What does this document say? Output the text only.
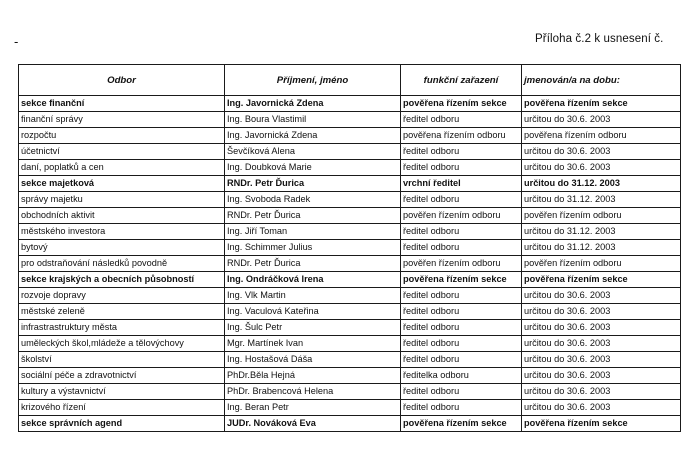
-	Příloha č.2 k usnesení č.
Odbor	Příjmení, jméno	funkční zařazení	jmenován/a na dobu:
sekce finanční	Ing. Javornická Zdena	pověřena řízením sekce	pověřena řízením sekce
finanční správy	Ing. Boura Vlastimil	ředitel odboru	určitou do 30.6. 2003
rozpočtu	Ing. Javornická Zdena	pověřena řízením odboru	pověřena řízením odboru
účetnictví	Ševčíková Alena	ředitel odboru	určitou do 30.6. 2003
daní, poplatků a cen	Ing. Doubková Marie	ředitel odboru	určitou do 30.6. 2003
sekce majetková	RNDr. Petr Ďurica	vrchní ředitel	určitou do 31.12. 2003
správy majetku	Ing. Svoboda Radek	ředitel odboru	určitou do 31.12. 2003
obchodních aktivit	RNDr. Petr Ďurica	pověřen řízením odboru	pověřen řízením odboru
městského investora	Ing. Jiří Toman	ředitel odboru	určitou do 31.12. 2003
bytový	Ing. Schimmer Julius	ředitel odboru	určitou do 31.12. 2003
pro odstraňování následků povodně	RNDr. Petr Ďurica	pověřen řízením odboru	pověřen řízením odboru
sekce krajských a obecních působností	Ing. Ondráčková Irena	pověřena řízením sekce	pověřena řízením sekce
rozvoje dopravy	Ing. Vlk Martin	ředitel odboru	určitou do 30.6. 2003
městské zeleně	Ing. Vaculová Kateřina	ředitel odboru	určitou do 30.6. 2003
infrastrastruktury města	Ing. Šulc Petr	ředitel odboru	určitou do 30.6. 2003
uměleckých škol,mládeže a tělovýchovy	Mgr. Martínek Ivan	ředitel odboru	určitou do 30.6. 2003
školství	Ing. Hostašová Dáša	ředitel odboru	určitou do 30.6. 2003
sociální péče a zdravotnictví	PhDr.Běla Hejná	ředitelka odboru	určitou do 30.6. 2003
kultury a výstavnictví	PhDr. Brabencová Helena	ředitel odboru	určitou do 30.6. 2003
krizového řízení	Ing. Beran Petr	ředitel odboru	určitou do 30.6. 2003
sekce správních agend	JUDr. Nováková Eva	pověřena řízením sekce	pověřena řízením sekce
